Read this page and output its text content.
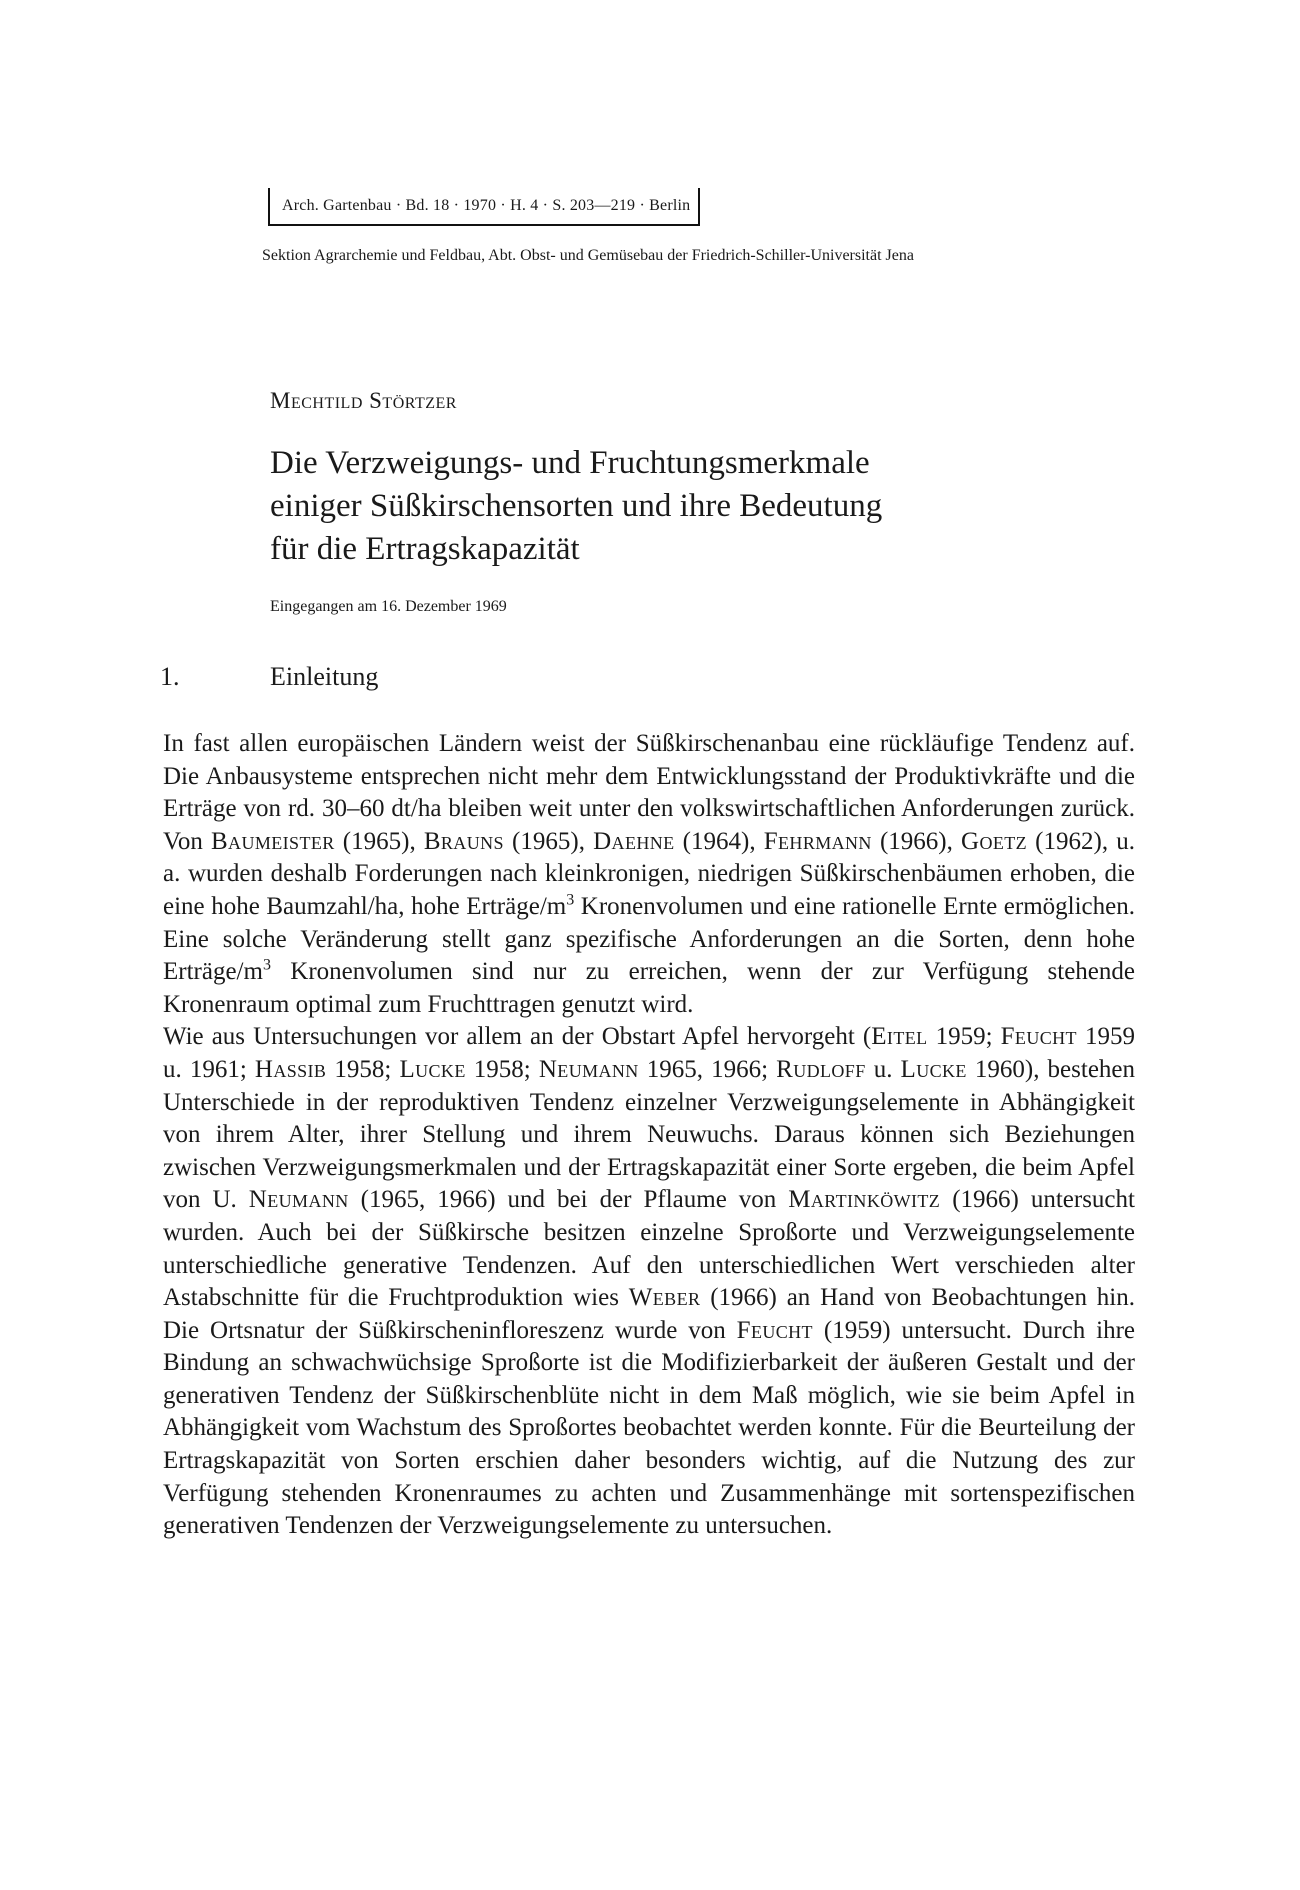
Arch. Gartenbau · Bd. 18 · 1970 · H. 4 · S. 203—219 · Berlin
Sektion Agrarchemie und Feldbau, Abt. Obst- und Gemüsebau der Friedrich-Schiller-Universität Jena
Mechtild Störtzer
Die Verzweigungs- und Fruchtungsmerkmale
einiger Süßkirschensorten und ihre Bedeutung
für die Ertragskapazität
Eingegangen am 16. Dezember 1969
1.	Einleitung

In fast allen europäischen Ländern weist der Süßkirschenanbau eine rückläufige Tendenz auf. Die Anbausysteme entsprechen nicht mehr dem Entwicklungsstand der Produktivkräfte und die Erträge von rd. 30–60 dt/ha bleiben weit unter den volkswirtschaftlichen Anforderungen zurück. Von Baumeister (1965), Brauns (1965), Daehne (1964), Fehrmann (1966), Goetz (1962), u. a. wurden deshalb Forderungen nach kleinkronigen, niedrigen Süßkirschenbäumen erhoben, die eine hohe Baumzahl/ha, hohe Erträge/$m^3$ Kronenvolumen und eine rationelle Ernte ermöglichen. Eine solche Veränderung stellt ganz spezifische Anforderungen an die Sorten, denn hohe Erträge/$m^3$ Kronenvolumen sind nur zu erreichen, wenn der zur Verfügung stehende Kronenraum optimal zum Fruchttragen genutzt wird.

Wie aus Untersuchungen vor allem an der Obstart Apfel hervorgeht (Eitel 1959; Feucht 1959 u. 1961; Hassib 1958; Lucke 1958; Neumann 1965, 1966; Rudloff u. Lucke 1960), bestehen Unterschiede in der reproduktiven Tendenz einzelner Verzweigungselemente in Abhängigkeit von ihrem Alter, ihrer Stellung und ihrem Neuwuchs. Daraus können sich Beziehungen zwischen Verzweigungsmerkmalen und der Ertragskapazität einer Sorte ergeben, die beim Apfel von U. Neumann (1965, 1966) und bei der Pflaume von Martinköwitz (1966) untersucht wurden. Auch bei der Süßkirsche besitzen einzelne Sproßorte und Verzweigungselemente unterschiedliche generative Tendenzen. Auf den unterschiedlichen Wert verschieden alter Astabschnitte für die Fruchtproduktion wies Weber (1966) an Hand von Beobachtungen hin. Die Ortsnatur der Süßkirscheninfloreszenz wurde von Feucht (1959) untersucht. Durch ihre Bindung an schwachwüchsige Sproßorte ist die Modifizierbarkeit der äußeren Gestalt und der generativen Tendenz der Süßkirschenblüte nicht in dem Maß möglich, wie sie beim Apfel in Abhängigkeit vom Wachstum des Sproßortes beobachtet werden konnte. Für die Beurteilung der Ertragskapazität von Sorten erschien daher besonders wichtig, auf die Nutzung des zur Verfügung stehenden Kronenraumes zu achten und Zusammenhänge mit sortenspezifischen generativen Tendenzen der Verzweigungselemente zu untersuchen.
